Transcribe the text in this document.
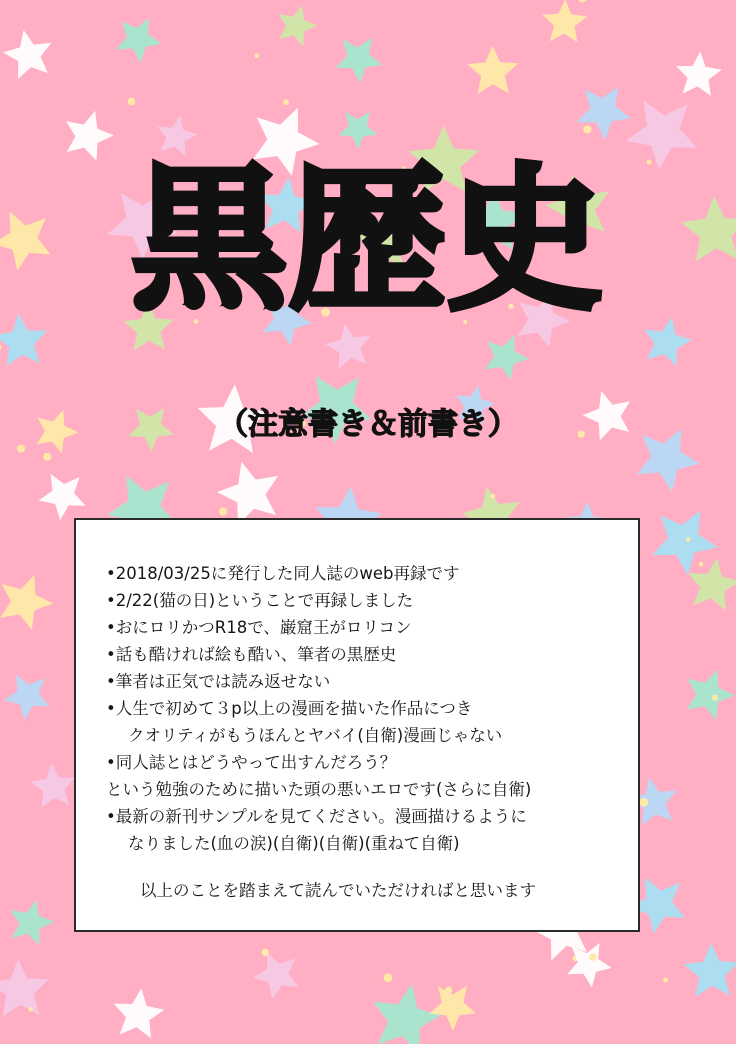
黒歴史
（注意書き＆前書き）
•2018/03/25に発行した同人誌のweb再録です
•2/22(猫の日)ということで再録しました
•おにロリかつR18で、巌窟王がロリコン
•話も酷ければ絵も酷い、筆者の黒歴史
•筆者は正気では読み返せない
•人生で初めて３p以上の漫画を描いた作品につき
クオリティがもうほんとヤバイ(自衛)漫画じゃない
•同人誌とはどうやって出すんだろう？
という勉強のために描いた頭の悪いエロです(さらに自衛)
•最新の新刊サンプルを見てください。漫画描けるように
なりました(血の涙)(自衛)(自衛)(重ねて自衛)
以上のことを踏まえて読んでいただければと思います
